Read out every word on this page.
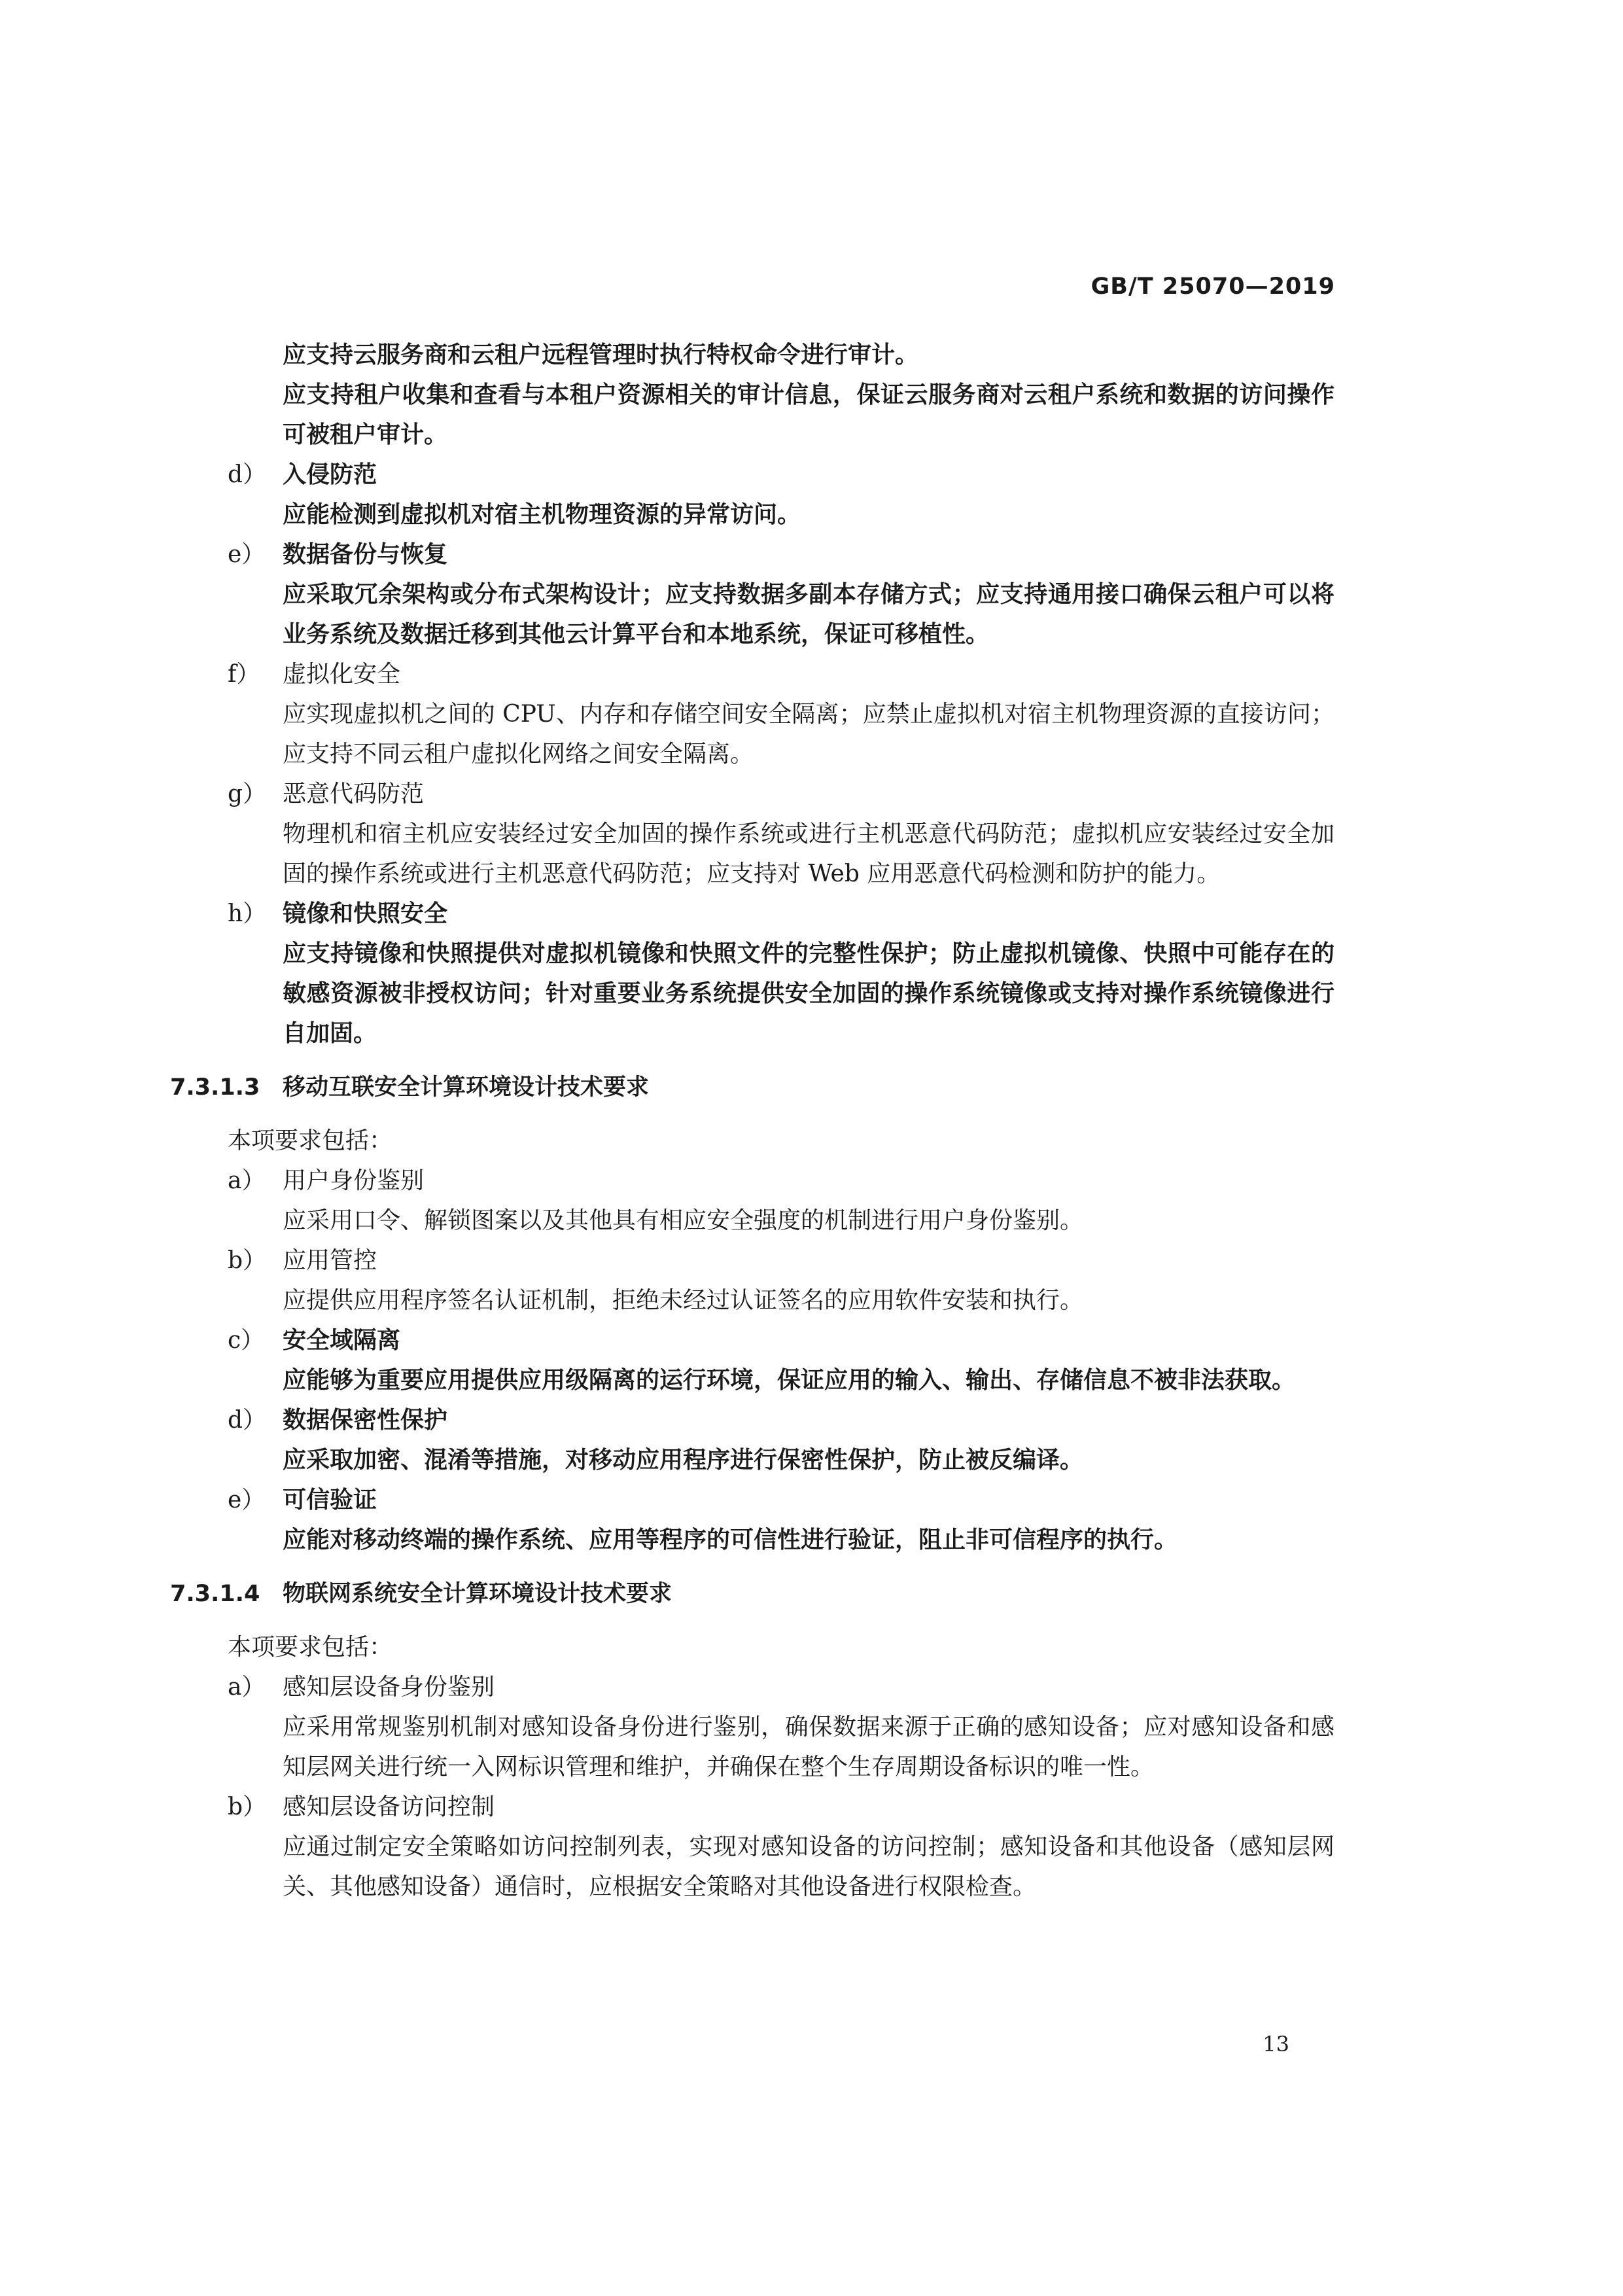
GB/T 25070—2019

应支持云服务商和云租户远程管理时执行特权命令进行审计。

应支持租户收集和查看与本租户资源相关的审计信息，保证云服务商对云租户系统和数据的访问操作可被租户审计。

d） 入侵防范

应能检测到虚拟机对宿主机物理资源的异常访问。

e） 数据备份与恢复

应采取冗余架构或分布式架构设计；应支持数据多副本存储方式；应支持通用接口确保云租户可以将业务系统及数据迁移到其他云计算平台和本地系统，保证可移植性。

f） 虚拟化安全

应实现虚拟机之间的 CPU、内存和存储空间安全隔离；应禁止虚拟机对宿主机物理资源的直接访问；应支持不同云租户虚拟化网络之间安全隔离。

g） 恶意代码防范

物理机和宿主机应安装经过安全加固的操作系统或进行主机恶意代码防范；虚拟机应安装经过安全加固的操作系统或进行主机恶意代码防范；应支持对 Web 应用恶意代码检测和防护的能力。

h） 镜像和快照安全

应支持镜像和快照提供对虚拟机镜像和快照文件的完整性保护；防止虚拟机镜像、快照中可能存在的敏感资源被非授权访问；针对重要业务系统提供安全加固的操作系统镜像或支持对操作系统镜像进行自加固。

7.3.1.3 移动互联安全计算环境设计技术要求

本项要求包括：

a） 用户身份鉴别

应采用口令、解锁图案以及其他具有相应安全强度的机制进行用户身份鉴别。

b） 应用管控

应提供应用程序签名认证机制，拒绝未经过认证签名的应用软件安装和执行。

c） 安全域隔离

应能够为重要应用提供应用级隔离的运行环境，保证应用的输入、输出、存储信息不被非法获取。

d） 数据保密性保护

应采取加密、混淆等措施，对移动应用程序进行保密性保护，防止被反编译。

e） 可信验证

应能对移动终端的操作系统、应用等程序的可信性进行验证，阻止非可信程序的执行。

7.3.1.4 物联网系统安全计算环境设计技术要求

本项要求包括：

a） 感知层设备身份鉴别

应采用常规鉴别机制对感知设备身份进行鉴别，确保数据来源于正确的感知设备；应对感知设备和感知层网关进行统一入网标识管理和维护，并确保在整个生存周期设备标识的唯一性。

b） 感知层设备访问控制

应通过制定安全策略如访问控制列表，实现对感知设备的访问控制；感知设备和其他设备（感知层网关、其他感知设备）通信时，应根据安全策略对其他设备进行权限检查。

13
